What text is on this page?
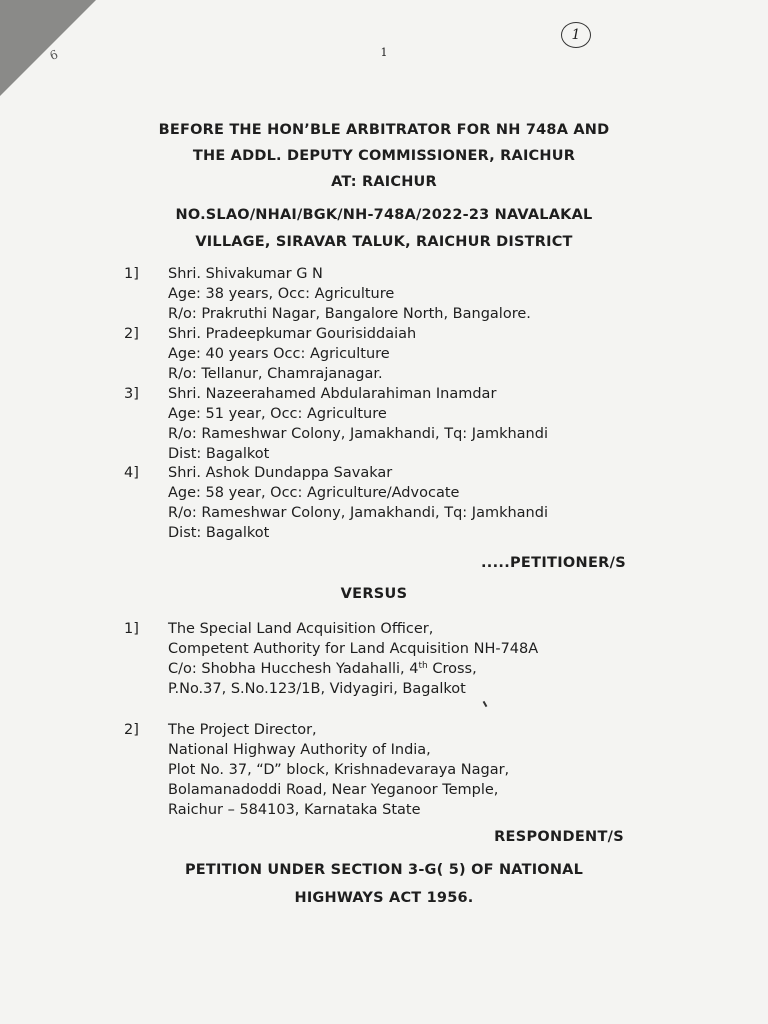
6	1
1
BEFORE THE HON’BLE ARBITRATOR FOR NH 748A AND
THE ADDL. DEPUTY COMMISSIONER, RAICHUR
AT: RAICHUR
NO.SLAO/NHAI/BGK/NH-748A/2022-23 NAVALAKAL
VILLAGE, SIRAVAR TALUK, RAICHUR DISTRICT
1] Shri. Shivakumar G N
Age: 38 years, Occ: Agriculture
R/o: Prakruthi Nagar, Bangalore North, Bangalore.
2] Shri. Pradeepkumar Gourisiddaiah
Age: 40 years Occ: Agriculture
R/o: Tellanur, Chamrajanagar.
3] Shri. Nazeerahamed Abdularahiman Inamdar
Age: 51 year, Occ: Agriculture
R/o: Rameshwar Colony, Jamakhandi, Tq: Jamkhandi
Dist: Bagalkot
4] Shri. Ashok Dundappa Savakar
Age: 58 year, Occ: Agriculture/Advocate
R/o: Rameshwar Colony, Jamakhandi, Tq: Jamkhandi
Dist: Bagalkot
.....PETITIONER/S
VERSUS
1] The Special Land Acquisition Officer,
Competent Authority for Land Acquisition NH-748A
C/o: Shobha Hucchesh Yadahalli, 4th Cross,
P.No.37, S.No.123/1B, Vidyagiri, Bagalkot
2] The Project Director,
National Highway Authority of India,
Plot No. 37, “D” block, Krishnadevaraya Nagar,
Bolamanadoddi Road, Near Yeganoor Temple,
Raichur – 584103, Karnataka State
RESPONDENT/S
PETITION UNDER SECTION 3-G( 5) OF NATIONAL
HIGHWAYS ACT 1956.
